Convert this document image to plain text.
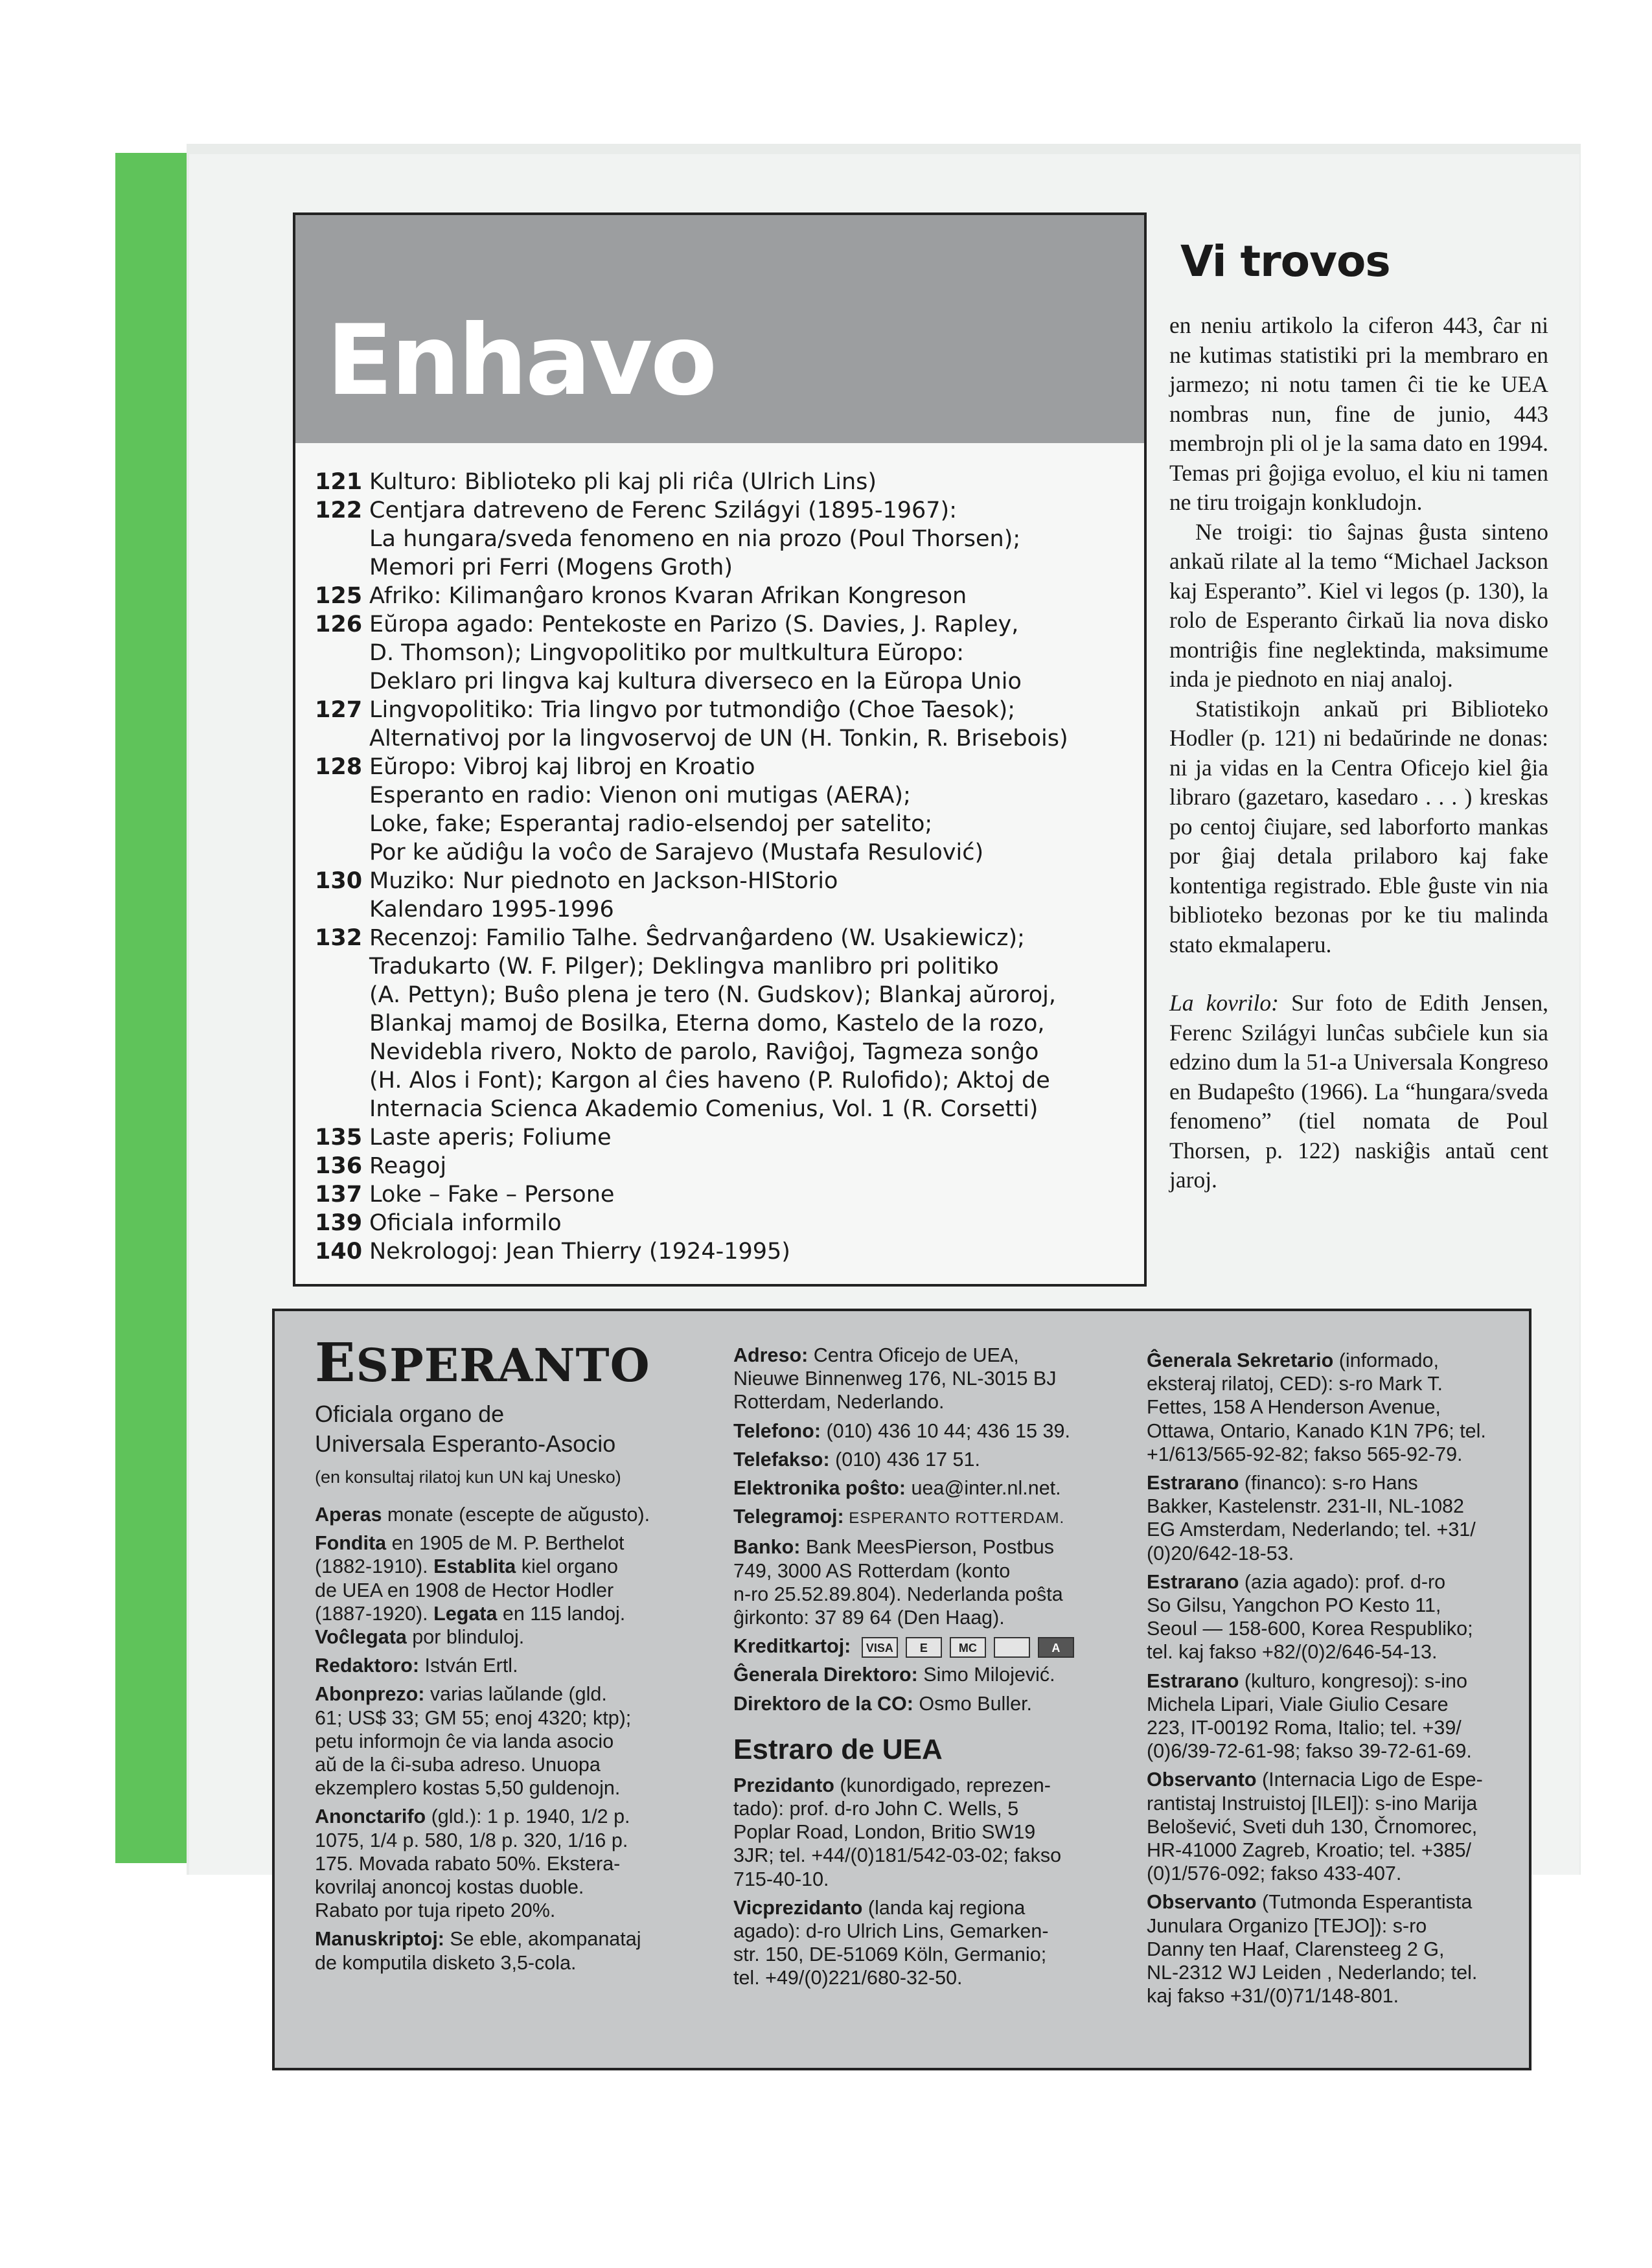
Enhavo
121 Kulturo: Biblioteko pli kaj pli riĉa (Ulrich Lins)
122 Centjara datreveno de Ferenc Szilágyi (1895-1967):
La hungara/sveda fenomeno en nia prozo (Poul Thorsen);
Memori pri Ferri (Mogens Groth)
125 Afriko: Kilimanĝaro kronos Kvaran Afrikan Kongreson
126 Eŭropa agado: Pentekoste en Parizo (S. Davies, J. Rapley,
D. Thomson); Lingvopolitiko por multkultura Eŭropo:
Deklaro pri lingva kaj kultura diverseco en la Eŭropa Unio
127 Lingvopolitiko: Tria lingvo por tutmondiĝo (Choe Taesok);
Alternativoj por la lingvoservoj de UN (H. Tonkin, R. Brisebois)
128 Eŭropo: Vibroj kaj libroj en Kroatio
Esperanto en radio: Vienon oni mutigas (AERA);
Loke, fake; Esperantaj radio-elsendoj per satelito;
Por ke aŭdiĝu la voĉo de Sarajevo (Mustafa Resulović)
130 Muziko: Nur piednoto en Jackson-HIStorio
Kalendaro 1995-1996
132 Recenzoj: Familio Talhe. Ŝedrvanĝardeno (W. Usakiewicz);
Tradukarto (W. F. Pilger); Deklingva manlibro pri politiko
(A. Pettyn); Buŝo plena je tero (N. Gudskov); Blankaj aŭroroj,
Blankaj mamoj de Bosilka, Eterna domo, Kastelo de la rozo,
Nevidebla rivero, Nokto de parolo, Raviĝoj, Tagmeza sonĝo
(H. Alos i Font); Kargon al ĉies haveno (P. Rulofido); Aktoj de
Internacia Scienca Akademio Comenius, Vol. 1 (R. Corsetti)
135 Laste aperis; Foliume
136 Reagoj
137 Loke – Fake – Persone
139 Oficiala informilo
140 Nekrologoj: Jean Thierry (1924-1995)
Vi trovos

en neniu artikolo la ciferon 443, ĉar ni ne kutimas statistiki pri la membraro en jarmezo; ni notu tamen ĉi tie ke UEA nombras nun, fine de junio, 443 membrojn pli ol je la sama dato en 1994. Temas pri ĝojiga evoluo, el kiu ni tamen ne tiru troigajn konkludojn.

Ne troigi: tio ŝajnas ĝusta sinteno ankaŭ rilate al la temo “Michael Jackson kaj Esperanto”. Kiel vi legos (p. 130), la rolo de Esperanto ĉirkaŭ lia nova disko montriĝis fine neglektinda, maksimume inda je piednoto en niaj analoj.

Statistikojn ankaŭ pri Biblioteko Hodler (p. 121) ni bedaŭrinde ne donas: ni ja vidas en la Centra Oficejo kiel ĝia libraro (gazetaro, kasedaro . . . ) kreskas po centoj ĉiujare, sed laborforto mankas por ĝiaj detala prilaboro kaj fake kontentiga registrado. Eble ĝuste vin nia biblioteko bezonas por ke tiu malinda stato ekmalaperu.

La kovrilo: Sur foto de Edith Jensen, Ferenc Szilágyi lunĉas subĉiele kun sia edzino dum la 51-a Universala Kongreso en Budapeŝto (1966). La “hungara/sveda fenomeno” (tiel nomata de Poul Thorsen, p. 122) naskiĝis antaŭ cent jaroj.

ESPERANTO
Oficiala organo de
Universala Esperanto-Asocio
(en konsultaj rilatoj kun UN kaj Unesko)

Aperas monate (escepte de aŭgusto).

Fondita en 1905 de M. P. Berthelot
(1882-1910). Establita kiel organo
de UEA en 1908 de Hector Hodler
(1887-1920). Legata en 115 landoj.
Voĉlegata por blinduloj.

Redaktoro: István Ertl.

Abonprezo: varias laŭlande (gld.
61; US$ 33; GM 55; enoj 4320; ktp);
petu informojn ĉe via landa asocio
aŭ de la ĉi-suba adreso. Unuopa
ekzemplero kostas 5,50 guldenojn.

Anonctarifo (gld.): 1 p. 1940, 1/2 p.
1075, 1/4 p. 580, 1/8 p. 320, 1/16 p.
175. Movada rabato 50%. Ekstera-
kovrilaj anoncoj kostas duoble.
Rabato por tuja ripeto 20%.

Manuskriptoj: Se eble, akompanataj
de komputila disketo 3,5-cola.

Adreso: Centra Oficejo de UEA,
Nieuwe Binnenweg 176, NL-3015 BJ
Rotterdam, Nederlando.

Telefono: (010) 436 10 44; 436 15 39.

Telefakso: (010) 436 17 51.

Elektronika poŝto: uea@inter.nl.net.

Telegramoj: ESPERANTO ROTTERDAM.

Banko: Bank MeesPierson, Postbus
749, 3000 AS Rotterdam (konto
n-ro 25.52.89.804). Nederlanda poŝta
ĝirkonto: 37 89 64 (Den Haag).

Kreditkartoj:	VISA	E	MC	A

Ĝenerala Direktoro: Simo Milojević.

Direktoro de la CO: Osmo Buller.

Estraro de UEA

Prezidanto (kunordigado, reprezen-
tado): prof. d-ro John C. Wells, 5
Poplar Road, London, Britio SW19
3JR; tel. +44/(0)181/542-03-02; fakso
715-40-10.

Vicprezidanto (landa kaj regiona
agado): d-ro Ulrich Lins, Gemarken-
str. 150, DE-51069 Köln, Germanio;
tel. +49/(0)221/680-32-50.

Ĝenerala Sekretario (informado,
eksteraj rilatoj, CED): s-ro Mark T.
Fettes, 158 A Henderson Avenue,
Ottawa, Ontario, Kanado K1N 7P6; tel.
+1/613/565-92-82; fakso 565-92-79.

Estrarano (financo): s-ro Hans
Bakker, Kastelenstr. 231-II, NL-1082
EG Amsterdam, Nederlando; tel. +31/
(0)20/642-18-53.

Estrarano (azia agado): prof. d-ro
So Gilsu, Yangchon PO Kesto 11,
Seoul — 158-600, Korea Respubliko;
tel. kaj fakso +82/(0)2/646-54-13.

Estrarano (kulturo, kongresoj): s-ino
Michela Lipari, Viale Giulio Cesare
223, IT-00192 Roma, Italio; tel. +39/
(0)6/39-72-61-98; fakso 39-72-61-69.

Observanto (Internacia Ligo de Espe-
rantistaj Instruistoj [ILEI]): s-ino Marija
Belošević, Sveti duh 130, Črnomorec,
HR-41000 Zagreb, Kroatio; tel. +385/
(0)1/576-092; fakso 433-407.

Observanto (Tutmonda Esperantista
Junulara Organizo [TEJO]): s-ro
Danny ten Haaf, Clarensteeg 2 G,
NL-2312 WJ Leiden , Nederlando; tel.
kaj fakso +31/(0)71/148-801.
